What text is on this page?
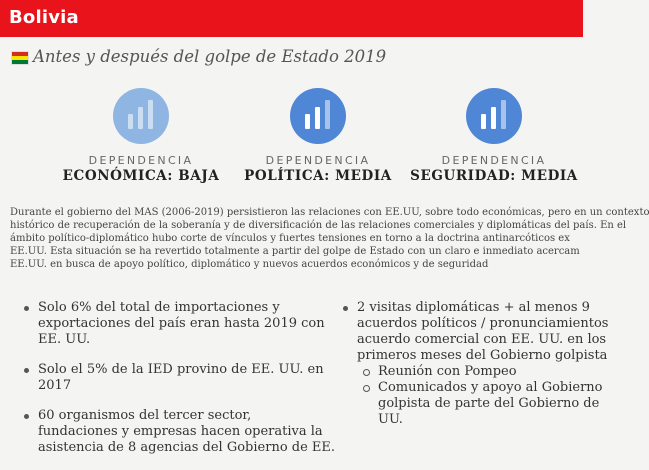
Bolivia
Antes y después del golpe de Estado 2019
DEPENDENCIA
ECONÓMICA: BAJA
DEPENDENCIA
POLÍTICA: MEDIA
DEPENDENCIA
SEGURIDAD: MEDIA
Durante el gobierno del MAS (2006-2019) persistieron las relaciones con EE.UU, sobre todo económicas, pero en un contexto
histórico de recuperación de la soberanía y de diversificación de las relaciones comerciales y diplomáticas del país. En el
ámbito político-diplomático hubo corte de vínculos y fuertes tensiones en torno a la doctrina antinarcóticos ex
EE.UU. Esta situación se ha revertido totalmente a partir del golpe de Estado con un claro e inmediato acercam
EE.UU. en busca de apoyo político, diplomático y nuevos acuerdos económicos y de seguridad
Solo 6% del total de importaciones y
exportaciones del país eran hasta 2019 con
EE. UU.
Solo el 5% de la IED provino de EE. UU. en
2017
60 organismos del tercer sector,
fundaciones y empresas hacen operativa la
asistencia de 8 agencias del Gobierno de EE.
2 visitas diplomáticas + al menos 9
acuerdos políticos / pronunciamientos
acuerdo comercial con EE. UU. en los
primeros meses del Gobierno golpista
Reunión con Pompeo
Comunicados y apoyo al Gobierno
golpista de parte del Gobierno de
UU.
